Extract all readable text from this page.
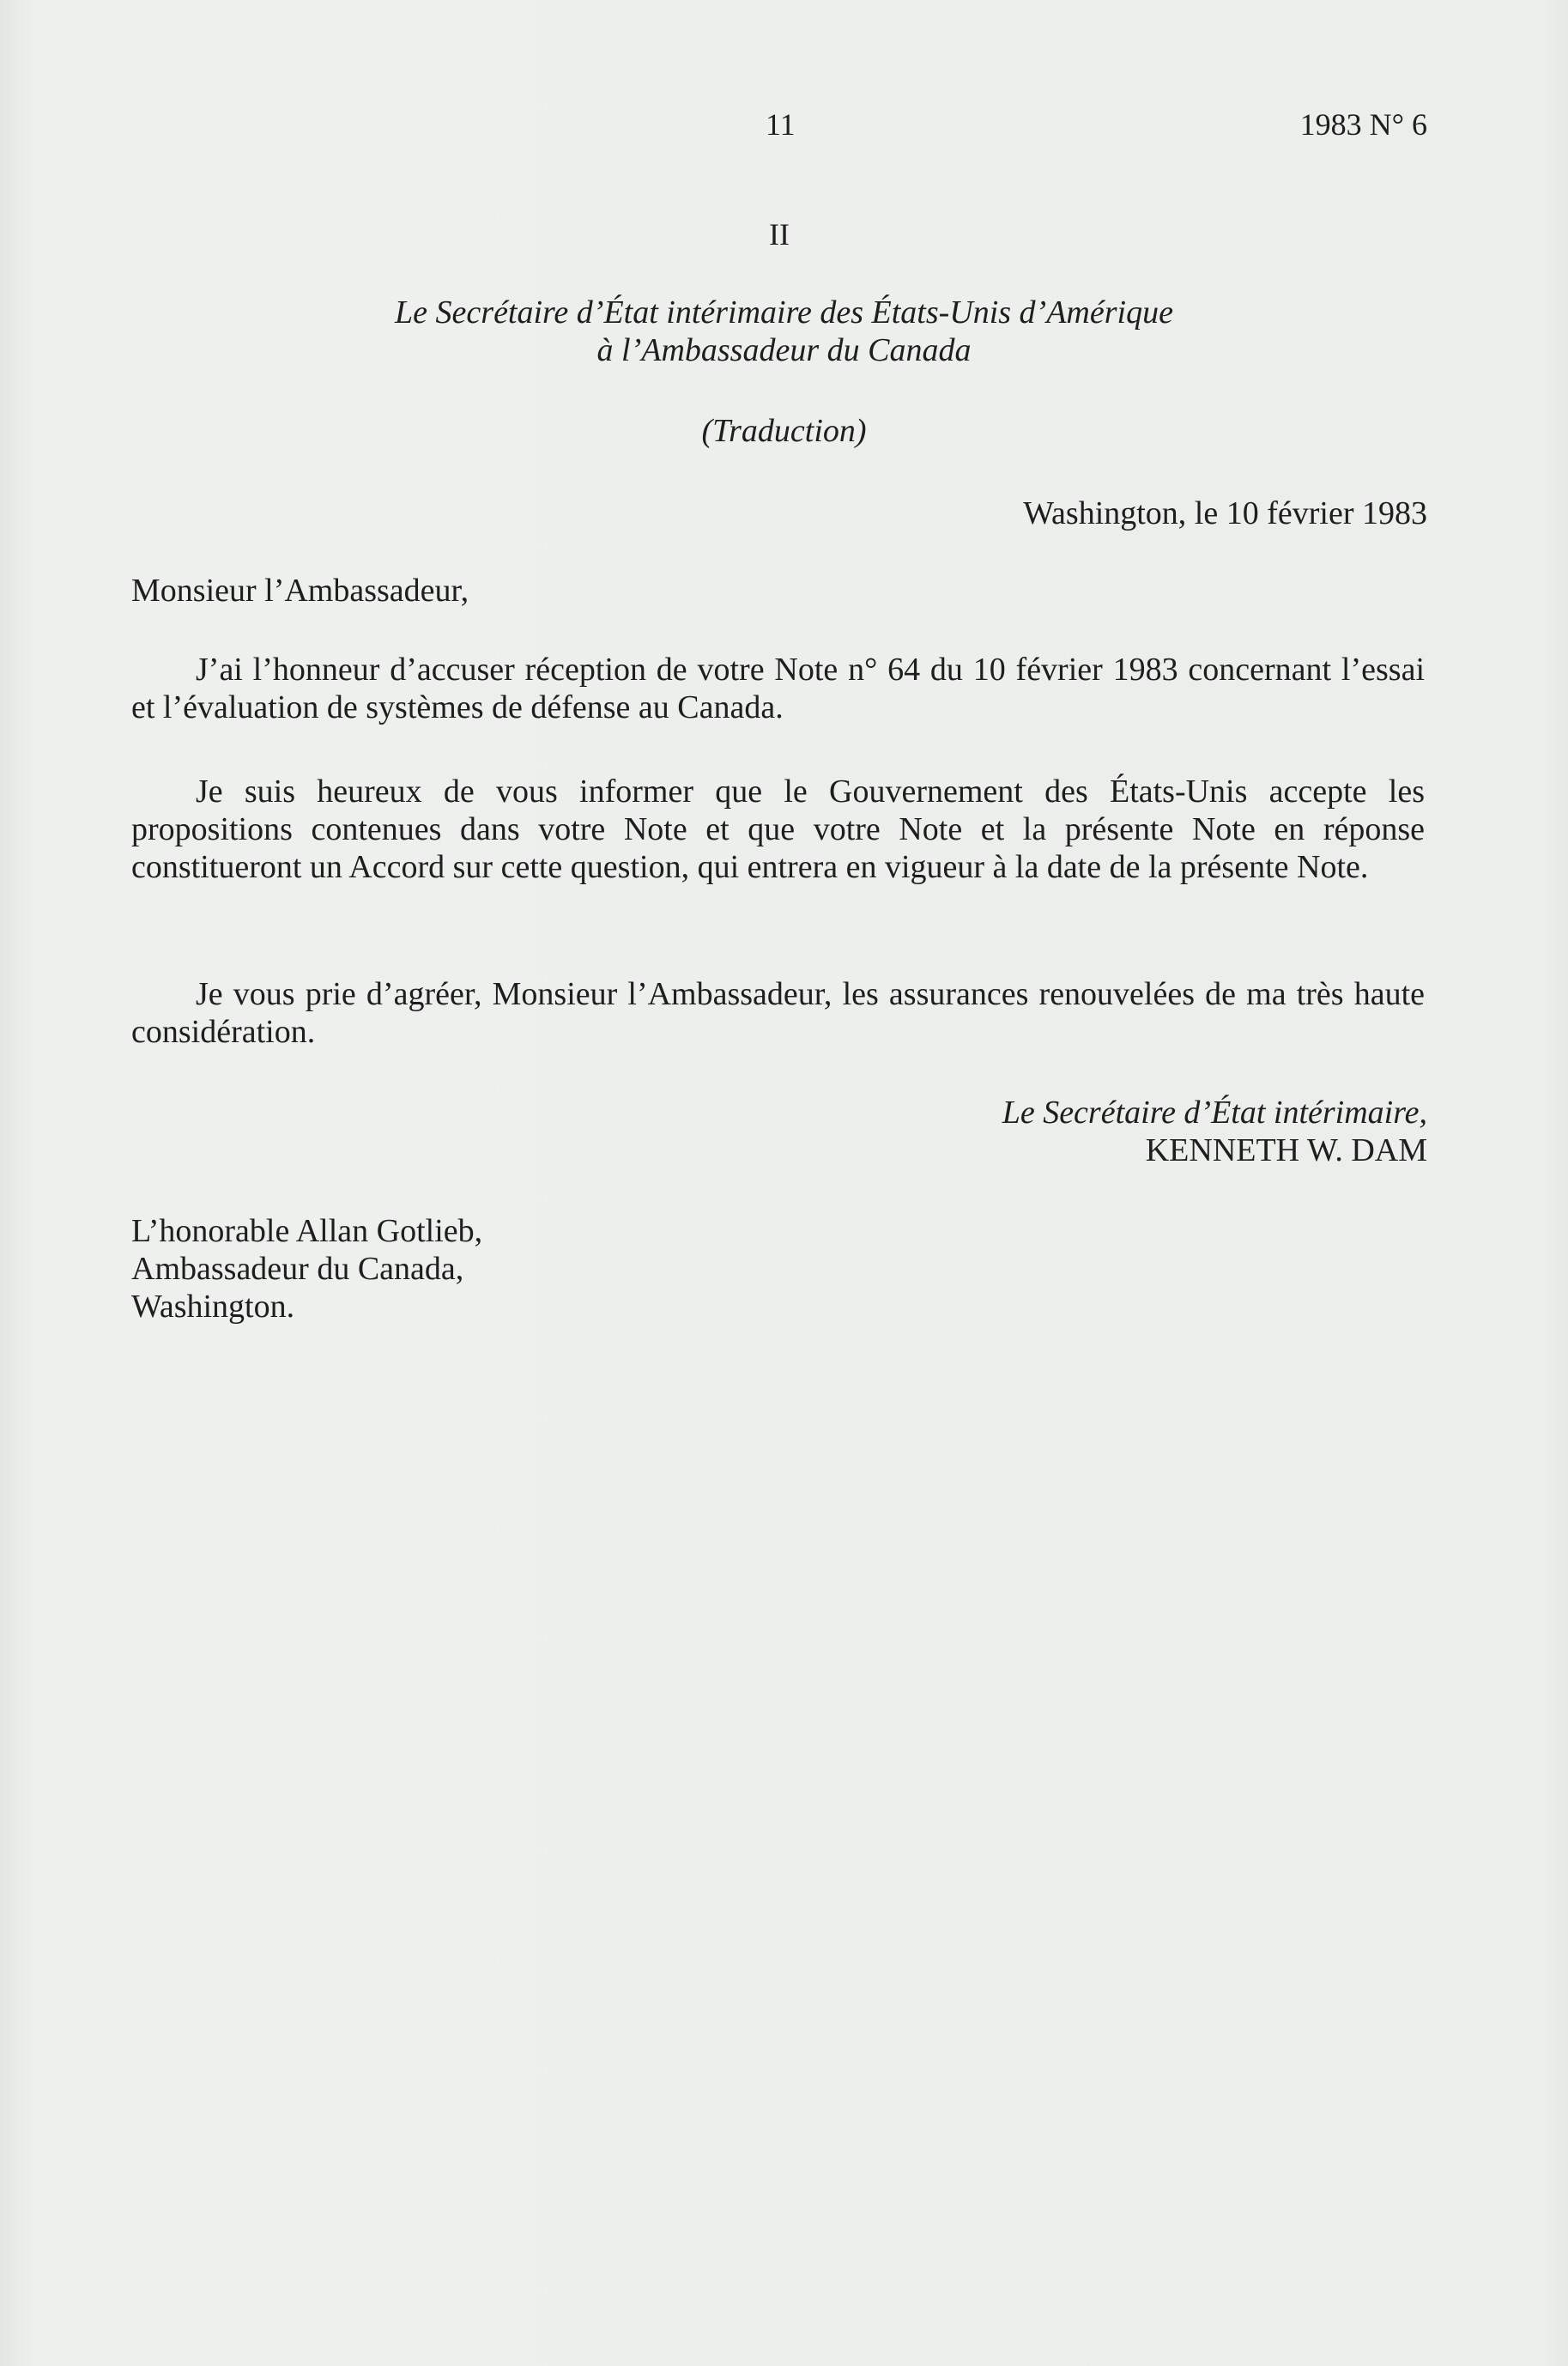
11	1983 N° 6
II
Le Secrétaire d’État intérimaire des États-Unis d’Amérique
à l’Ambassadeur du Canada
(Traduction)
Washington, le 10 février 1983
Monsieur l’Ambassadeur,

J’ai l’honneur d’accuser réception de votre Note n° 64 du 10 février 1983 concernant l’essai et l’évaluation de systèmes de défense au Canada.

Je suis heureux de vous informer que le Gouvernement des États-Unis accepte les propositions contenues dans votre Note et que votre Note et la présente Note en réponse constitueront un Accord sur cette question, qui entrera en vigueur à la date de la présente Note.

Je vous prie d’agréer, Monsieur l’Ambassadeur, les assurances renouvelées de ma très haute considération.

Le Secrétaire d’État intérimaire,
KENNETH W. DAM
L’honorable Allan Gotlieb,
Ambassadeur du Canada,
Washington.
